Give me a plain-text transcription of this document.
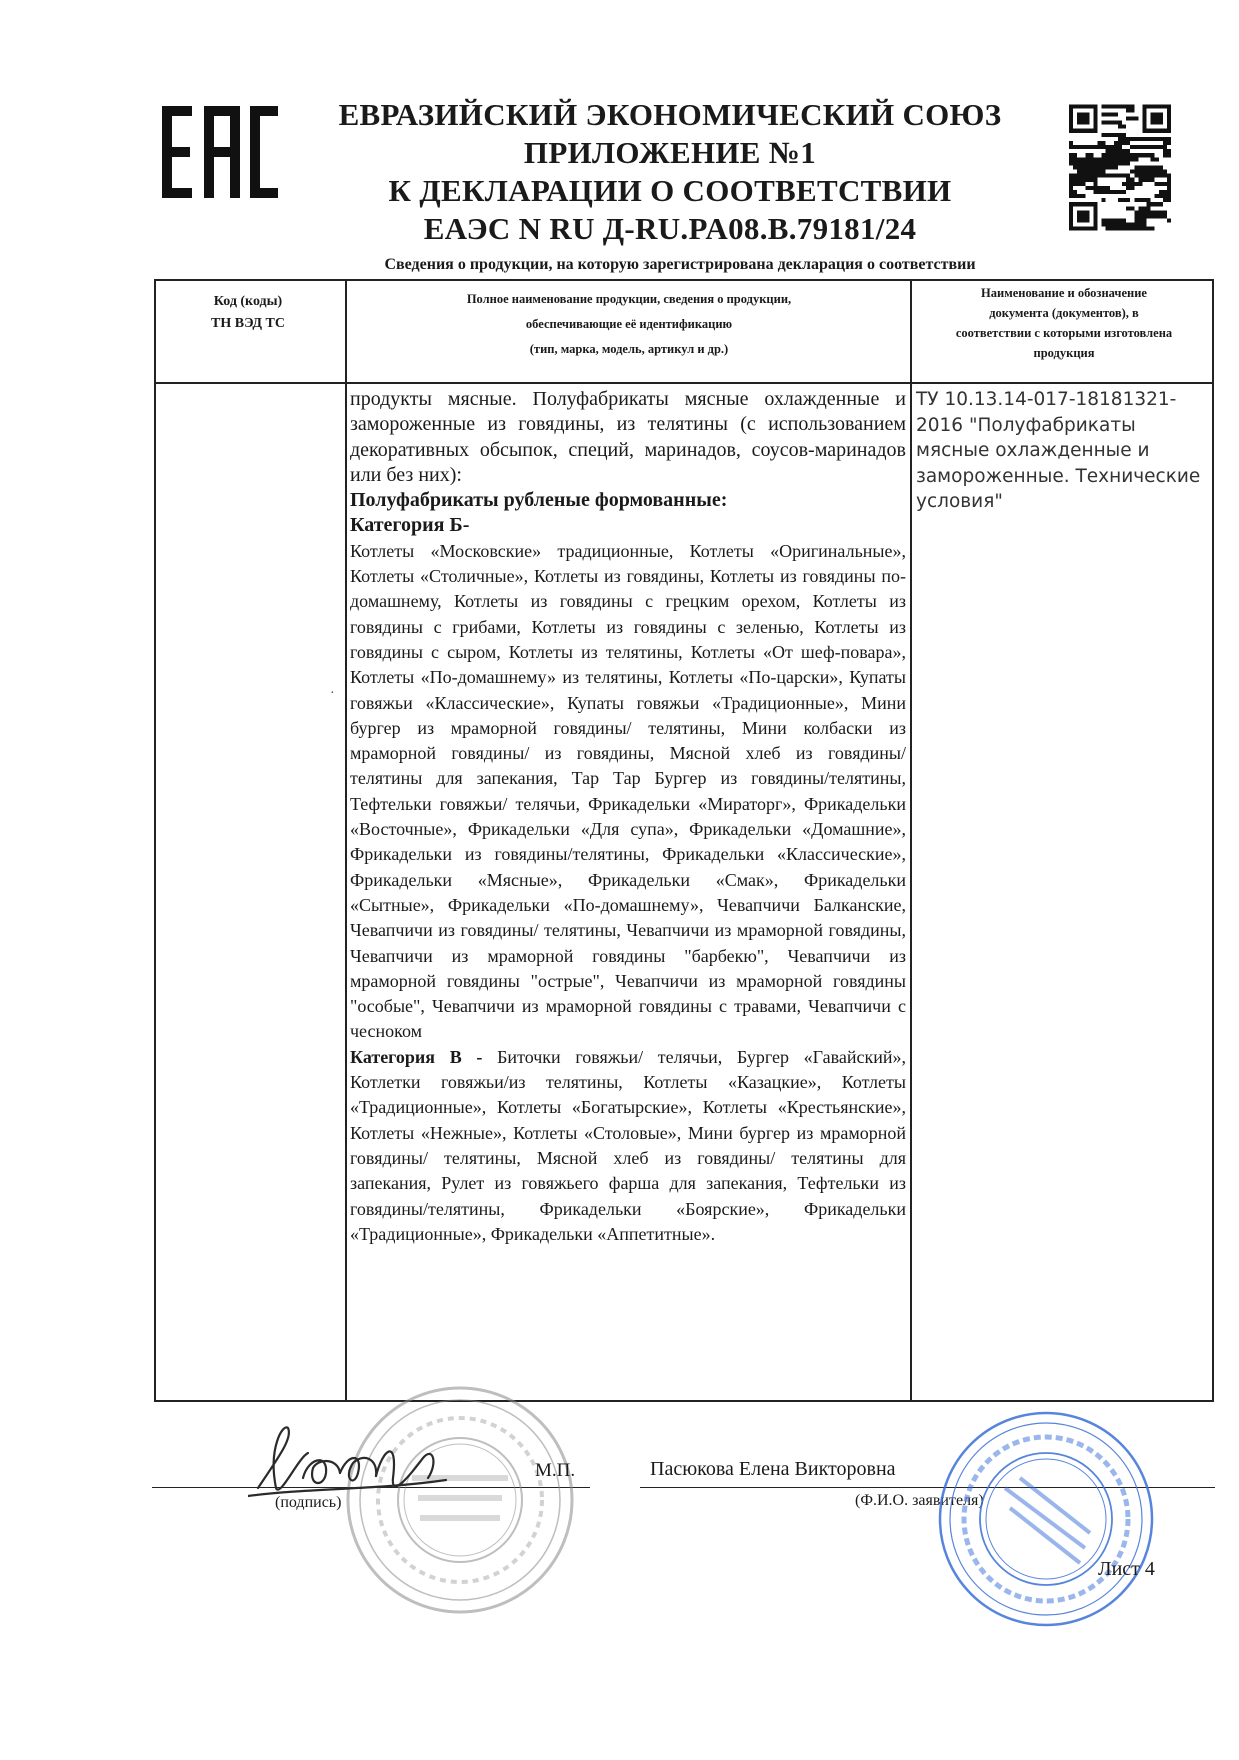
ЕВРАЗИЙСКИЙ ЭКОНОМИЧЕСКИЙ СОЮЗ
ПРИЛОЖЕНИЕ №1
К ДЕКЛАРАЦИИ О СООТВЕТСТВИИ
ЕАЭС N RU Д-RU.PA08.B.79181/24
Сведения о продукции, на которую зарегистрирована декларация о соответствии
Код (коды)
ТН ВЭД ТС
Полное наименование продукции, сведения о продукции,
обеспечивающие её идентификацию
(тип, марка, модель, артикул и др.)
Наименование и обозначение
документа (документов), в
соответствии с которыми изготовлена
продукция

продукты мясные. Полуфабрикаты мясные охлажденные и замороженные из говядины, из телятины (с использованием декоративных обсыпок, специй, маринадов, соусов-маринадов или без них):

Полуфабрикаты рубленые формованные:

Категория Б-

Котлеты «Московские» традиционные, Котлеты «Оригинальные», Котлеты «Столичные», Котлеты из говядины, Котлеты из говядины по-домашнему, Котлеты из говядины с грецким орехом, Котлеты из говядины с грибами, Котлеты из говядины с зеленью, Котлеты из говядины с сыром, Котлеты из телятины, Котлеты «От шеф-повара», Котлеты «По-домашнему» из телятины, Котлеты «По-царски», Купаты говяжьи «Классические», Купаты говяжьи «Традиционные», Мини бургер из мраморной говядины/ телятины, Мини колбаски из мраморной говядины/ из говядины, Мясной хлеб из говядины/ телятины для запекания, Тар Тар Бургер из говядины/телятины, Тефтельки говяжьи/ телячьи, Фрикадельки «Мираторг», Фрикадельки «Восточные», Фрикадельки «Для супа», Фрикадельки «Домашние», Фрикадельки из говядины/телятины, Фрикадельки «Классические», Фрикадельки «Мясные», Фрикадельки «Смак», Фрикадельки «Сытные», Фрикадельки «По-домашнему», Чевапчичи Балканские, Чевапчичи из говядины/ телятины, Чевапчичи из мраморной говядины, Чевапчичи из мраморной говядины "барбекю", Чевапчичи из мраморной говядины "острые", Чевапчичи из мраморной говядины "особые", Чевапчичи из мраморной говядины с травами, Чевапчичи с чесноком

Категория В - Биточки говяжьи/ телячьи, Бургер «Гавайский», Котлетки говяжьи/из телятины, Котлеты «Казацкие», Котлеты «Традиционные», Котлеты «Богатырские», Котлеты «Крестьянские», Котлеты «Нежные», Котлеты «Столовые», Мини бургер из мраморной говядины/ телятины, Мясной хлеб из говядины/ телятины для запекания, Рулет из говяжьего фарша для запекания, Тефтельки из говядины/телятины, Фрикадельки «Боярские», Фрикадельки «Традиционные», Фрикадельки «Аппетитные».

ТУ 10.13.14-017-18181321-2016 "Полуфабрикаты мясные охлажденные и замороженные. Технические условия"
·
М.П.	Пасюкова Елена Викторовна
(подпись)	(Ф.И.О. заявителя)
Лист 4
